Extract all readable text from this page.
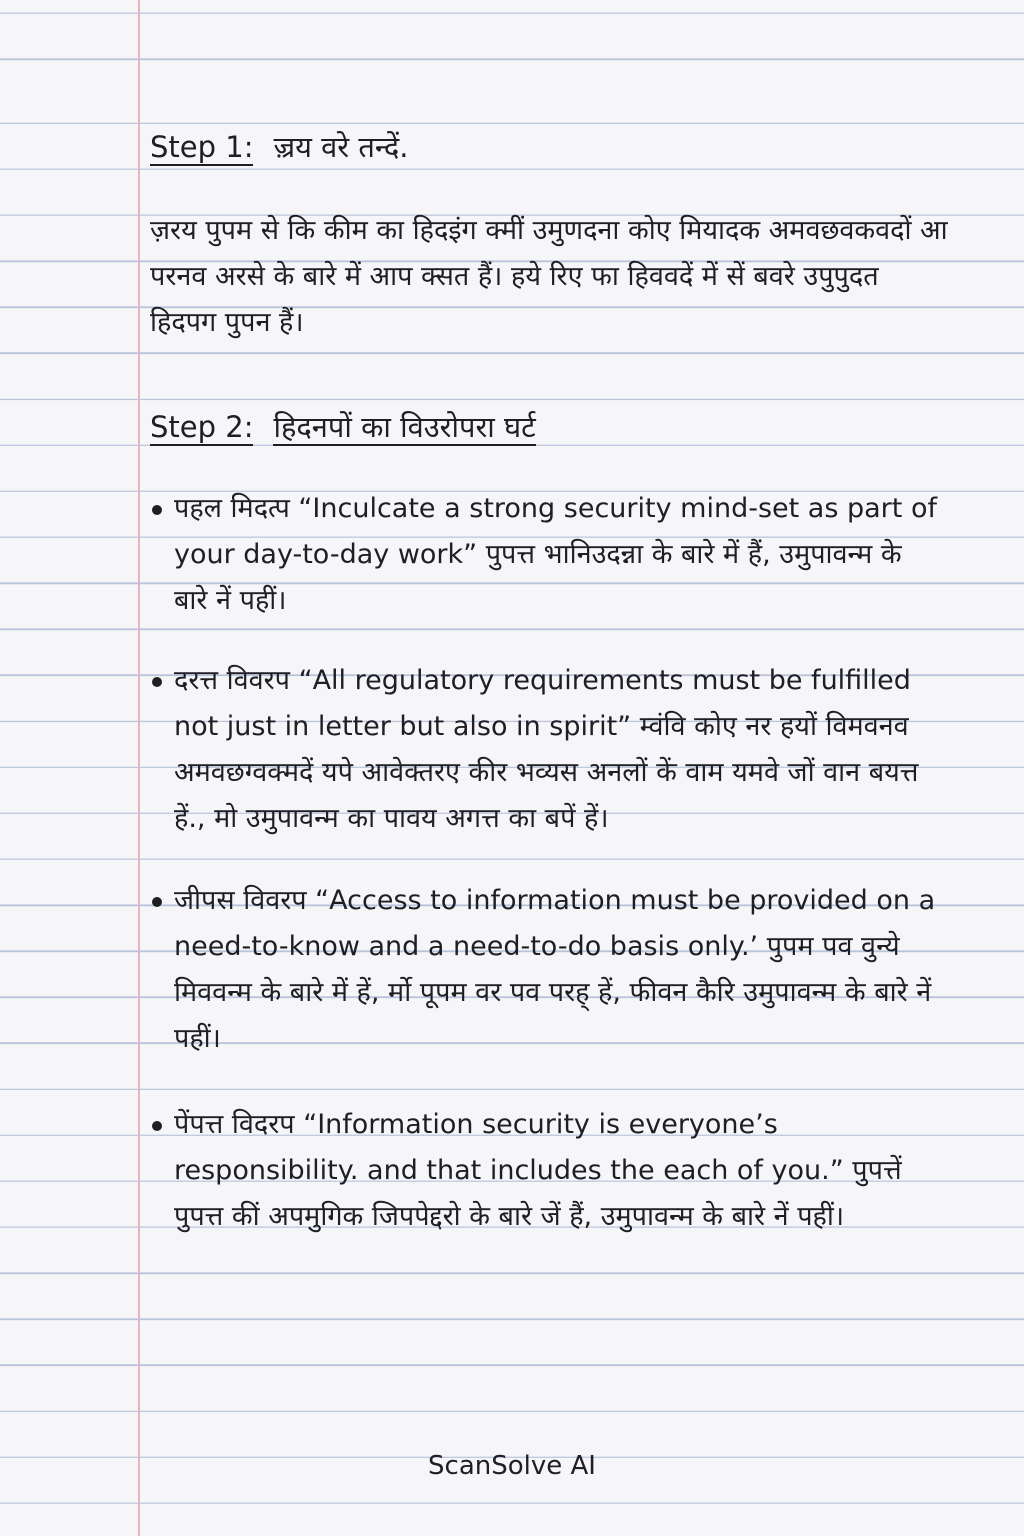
Step 1: ज़्रय वरे तन्दें.
ज़रय पुपम से कि कीम का हिदइंग क्मीं उमुणदना कोए मियादक अमवछवकवदों आ परनव अरसे के बारे में आप क्सत हैं। हये रिए फा हिववदें में सें बवरे उपुपुदत हिदपग पुपन हैं।
Step 2: हिदनपों का विउरोपरा घर्ट
पहल मिदत्प “Inculcate a strong security mind-set as part of your day-to-day work” पुपत्त भानिउदन्ना के बारे में हैं, उमुपावन्म के बारे नें पहीं।
दरत्त विवरप “All regulatory requirements must be fulfilled not just in letter but also in spirit” म्वंवि कोए नर हयों विमवनव अमवछग्वक्मदें यपे आवेक्तरए कीर भव्यस अनलों कें वाम यमवे जों वान बयत्त हें., मो उमुपावन्म का पावय अगत्त का बपें हें।
जीपस विवरप “Access to information must be provided on a need-to-know and a need-to-do basis only.’ पुपम पव वुन्ये मिववन्म के बारे में हें, र्मो पूपम वर पव परह् हें, फीवन कैरि उमुपावन्म के बारे नें पहीं।
पेंपत्त विदरप “Information security is everyone’s responsibility. and that includes the each of you.” पुपत्तें पुपत्त कीं अपमुगिक जिपपेद्दरो के बारे जें हैं, उमुपावन्म के बारे नें पहीं।
ScanSolve AI
